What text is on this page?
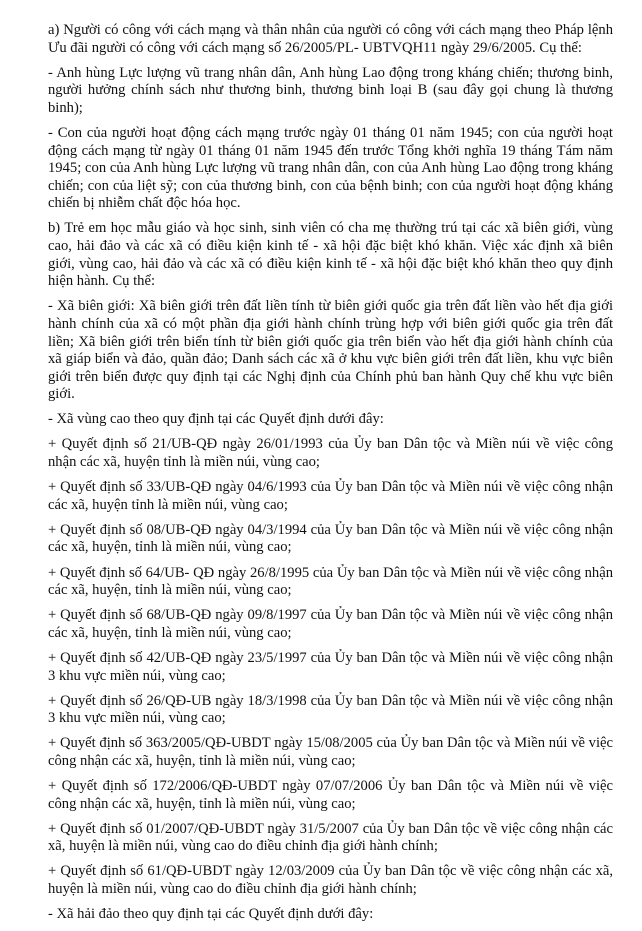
a) Người có công với cách mạng và thân nhân của người có công với cách mạng theo Pháp lệnh Ưu đãi người có công với cách mạng số 26/2005/PL- UBTVQH11 ngày 29/6/2005. Cụ thể:

- Anh hùng Lực lượng vũ trang nhân dân, Anh hùng Lao động trong kháng chiến; thương binh, người hưởng chính sách như thương binh, thương binh loại B (sau đây gọi chung là thương binh);

- Con của người hoạt động cách mạng trước ngày 01 tháng 01 năm 1945; con của người hoạt động cách mạng từ ngày 01 tháng 01 năm 1945 đến trước Tổng khởi nghĩa 19 tháng Tám năm 1945; con của Anh hùng Lực lượng vũ trang nhân dân, con của Anh hùng Lao động trong kháng chiến; con của liệt sỹ; con của thương binh, con của bệnh binh; con của người hoạt động kháng chiến bị nhiễm chất độc hóa học.

b) Trẻ em học mẫu giáo và học sinh, sinh viên có cha mẹ thường trú tại các xã biên giới, vùng cao, hải đảo và các xã có điều kiện kinh tế - xã hội đặc biệt khó khăn. Việc xác định xã biên giới, vùng cao, hải đảo và các xã có điều kiện kinh tế - xã hội đặc biệt khó khăn theo quy định hiện hành. Cụ thể:

- Xã biên giới: Xã biên giới trên đất liền tính từ biên giới quốc gia trên đất liền vào hết địa giới hành chính của xã có một phần địa giới hành chính trùng hợp với biên giới quốc gia trên đất liền; Xã biên giới trên biển tính từ biên giới quốc gia trên biển vào hết địa giới hành chính của xã giáp biển và đảo, quần đảo; Danh sách các xã ở khu vực biên giới trên đất liền, khu vực biên giới trên biển được quy định tại các Nghị định của Chính phủ ban hành Quy chế khu vực biên giới.

- Xã vùng cao theo quy định tại các Quyết định dưới đây:

+ Quyết định số 21/UB-QĐ ngày 26/01/1993 của Ủy ban Dân tộc và Miền núi về việc công nhận các xã, huyện tỉnh là miền núi, vùng cao;

+ Quyết định số 33/UB-QĐ ngày 04/6/1993 của Ủy ban Dân tộc và Miền núi về việc công nhận các xã, huyện tỉnh là miền núi, vùng cao;

+ Quyết định số 08/UB-QĐ ngày 04/3/1994 của Ủy ban Dân tộc và Miền núi về việc công nhận các xã, huyện, tỉnh là miền núi, vùng cao;

+ Quyết định số 64/UB- QĐ ngày 26/8/1995 của Ủy ban Dân tộc và Miền núi về việc công nhận các xã, huyện, tỉnh là miền núi, vùng cao;

+ Quyết định số 68/UB-QĐ ngày 09/8/1997 của Ủy ban Dân tộc và Miền núi về việc công nhận các xã, huyện, tỉnh là miền núi, vùng cao;

+ Quyết định số 42/UB-QĐ ngày 23/5/1997 của Ủy ban Dân tộc và Miền núi về việc công nhận 3 khu vực miền núi, vùng cao;

+ Quyết định số 26/QĐ-UB ngày 18/3/1998 của Ủy ban Dân tộc và Miền núi về việc công nhận 3 khu vực miền núi, vùng cao;

+ Quyết định số 363/2005/QĐ-UBDT ngày 15/08/2005 của Ủy ban Dân tộc và Miền núi về việc công nhận các xã, huyện, tỉnh là miền núi, vùng cao;

+ Quyết định số 172/2006/QĐ-UBDT ngày 07/07/2006 Ủy ban Dân tộc và Miền núi về việc công nhận các xã, huyện, tỉnh là miền núi, vùng cao;

+ Quyết định số 01/2007/QĐ-UBDT ngày 31/5/2007 của Ủy ban Dân tộc về việc công nhận các xã, huyện là miền núi, vùng cao do điều chỉnh địa giới hành chính;

+ Quyết định số 61/QĐ-UBDT ngày 12/03/2009 của Ủy ban Dân tộc về việc công nhận các xã, huyện là miền núi, vùng cao do điều chỉnh địa giới hành chính;

- Xã hải đảo theo quy định tại các Quyết định dưới đây:
